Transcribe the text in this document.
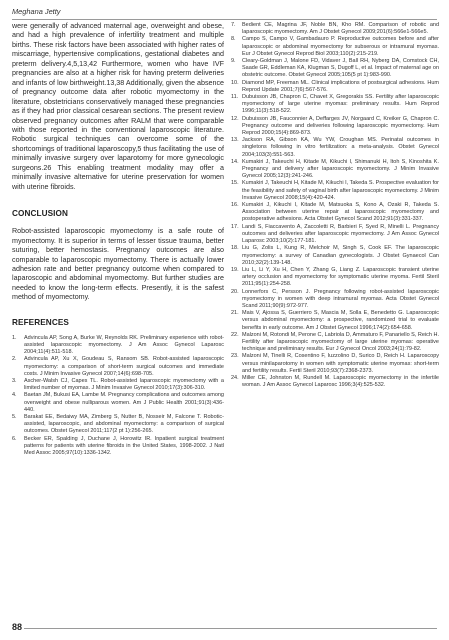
Meghana Jetty

were generally of advanced maternal age, overweight and obese, and had a high prevalence of infertility treatment and multiple births. These risk factors have been associated with higher rates of miscarriage, hypertensive complications, gestational diabetes and preterm delivery.4,5,13,42 Furthermore, women who have IVF pregnancies are also at a higher risk for having preterm deliveries and infants of low birthweight.13,38 Additionally, given the absence of pregnancy outcome data after robotic myomectomy in the literature, obstetricians conservatively managed these pregnancies as if they had prior classical cesarean sections. The present review observed pregnancy outcomes after RALM that were comparable with those reported in the conventional laparoscopic literature. Robotic surgical techniques can overcome some of the shortcomings of traditional laparoscopy,5 thus facilitating the use of minimally invasive surgery over laparotomy for more gynecologic surgeons.26 This enabling treatment modality may offer a minimally invasive alternative for uterine preservation for women with uterine fibroids.

CONCLUSION

Robot-assisted laparoscopic myomectomy is a safe route of myomectomy. It is superior in terms of lesser tissue trauma, better suturing, better hemostasis. Pregnancy outcomes are also comparable to laparoscopic myomectomy. There is actually lower adhesion rate and better pregnancy outcome when compared to laparoscopic and abdominal myomectomy. But further studies are needed to know the long-term effects. Presently, it is the safest method of myomectomy.

REFERENCES
1. Advincula AP, Song A, Burke W, Reynolds RK. Preliminary experience with robot-assisted laparoscopic myomectomy. J Am Assoc Gynecol Laparosc 2004;11(4):511-518.
2. Advincula AP, Xu X, Goudeau S, Ransom SB. Robot-assisted laparoscopic myomectomy: a comparison of short-term surgical outcomes and immediate costs. J Minim Invasive Gynecol 2007;14(6):698-705.
3. Ascher-Walsh CJ, Capes TL. Robot-assisted laparoscopic myomectomy with a limited number of myomas. J Minim Invasive Gynecol 2010;17(3):306-310.
4. Baetan JM, Bukusi EA, Lambe M. Pregnancy complications and outcomes among overweight and obese nulliparous women. Am J Public Health 2001;91(3):436-440.
5. Barakat EE, Bedaiwy MA, Zimberg S, Nutter B, Nosseir M, Falcone T. Robotic-assisted, laparoscopic, and abdominal myomectomy: a comparison of surgical outcomes. Obstet Gynecol 2011;117(2 pt 1):256-265.
6. Becker ER, Spalding J, Duchane J, Horowitz IR. Inpatient surgical treatment patterns for patients with uterine fibroids in the United States, 1998-2002. J Natl Med Assoc 2005;97(10):1336-1342.
7. Bedient CE, Magrina JF, Noble BN, Kho RM. Comparison of robotic and laparoscopic myomectomy. Am J Obstet Gynecol 2009;201(6):566e1-566e5.
8. Campo S, Campo V, Gambadauro P. Reproductive outcomes before and after laparoscopic or abdominal myomectomy for subserous or intramural myomas. Eur J Obstet Gynecol Reprod Biol 2003;110(2):215-219.
9. Cleary-Goldman J, Malone FD, Vidaver J, Ball RH, Nyberg DA, Comstock CH, Saade GR, Eddleman KA, Klugman S, Dugoff L, et al. Impact of maternal age on obstetric outcome. Obstet Gynecol 2005;105(5 pt 1):983-990.
10. Diamond MP, Freeman ML. Clinical implications of postsurgical adhesions. Hum Reprod Update 2001;7(6):567-576.
11. Dubuisson JB, Chapron C, Chavet X, Gregorakis SS. Fertility after laparoscopic myomectomy of large uterine myomas: preliminary results. Hum Reprod 1996;11(3):518-522.
12. Dubuisson JB, Fauconnier A, Deffarges JV, Norgaard C, Kreiker G, Chapron C. Pregnancy outcome and deliveries following laparoscopic myomectomy. Hum Reprod 2000;15(4):869-873.
13. Jackson RA, Gibson KA, Wu YW, Croughan MS. Perinatal outcomes in singletons following in vitro fertilization: a meta-analysis. Obstet Gynecol 2004;103(3):551-563.
14. Kumakiri J, Takeuchi H, Kitade M, Kikuchi I, Shimanuki H, Itoh S, Kinoshita K. Pregnancy and delivery after laparoscopic myomectomy. J Minim Invasive Gynecol 2005;12(3):241-246.
15. Kumakiri J, Takeuchi H, Kitade M, Kikuchi I, Takeda S. Prospective evaluation for the feasibility and safety of vaginal birth after laparoscopic myomectomy. J Minim Invasive Gynecol 2008;15(4):420-424.
16. Kumakiri J, Kikuchi I, Kitade M, Matsuoka S, Kono A, Ozaki R, Takeda S. Association between uterine repair at laparoscopic myomectomy and postoperative adhesions. Acta Obstet Gynecol Scand 2012;91(3):331-337.
17. Landi S, Fiaccavento A, Zaccoletti R, Barbieri F, Syed R, Minelli L. Pregnancy outcomes and deliveries after laparoscopic myomectomy. J Am Assoc Gynecol Laparosc 2003;10(2):177-181.
18. Liu G, Zolis L, Kung R, Melchoir M, Singh S, Cook EF. The laparoscopic myomectomy: a survey of Canadian gynecologists. J Obstet Gynaecol Can 2010;32(2):139-148.
19. Liu L, Li Y, Xu H, Chen Y, Zhang G, Liang Z. Laparoscopic transient uterine artery occlusion and myomectomy for symptomatic uterine myoma. Fertil Steril 2011;95(1):254-258.
20. Lonnerfors C, Persson J. Pregnancy following robot-assisted laparoscopic myomectomy in women with deep intramural myomas. Acta Obstet Gynecol Scand 2011;90(9):972-977.
21. Mais V, Ajossa S, Guerriero S, Mascia M, Solla E, Benedetto G. Laparoscopic versus abdominal myomectomy: a prospective, randomized trial to evaluate benefits in early outcome. Am J Obstet Gynecol 1996;174(2):654-658.
22. Malzoni M, Rotondi M, Perone C, Labriola D, Ammaturo F, Panariello S, Reich H. Fertility after laparoscopic myomectomy of large uterine myomas: operative technique and preliminary results. Eur J Gynecol Oncol 2003;24(1):79-82.
23. Malzoni M, Tinelli R, Cosentino F, Iuzzolino D, Surico D, Reich H. Laparoscopy versus minilaparotomy in women with symptomatic uterine myomas: short-term and fertility results. Fertil Steril 2010;93(7):2368-2373.
24. Miller CE, Johnston M, Rundell M. Laparoscopic myomectomy in the infertile woman. J Am Assoc Gynecol Laparosc 1996;3(4):525-532.
88
